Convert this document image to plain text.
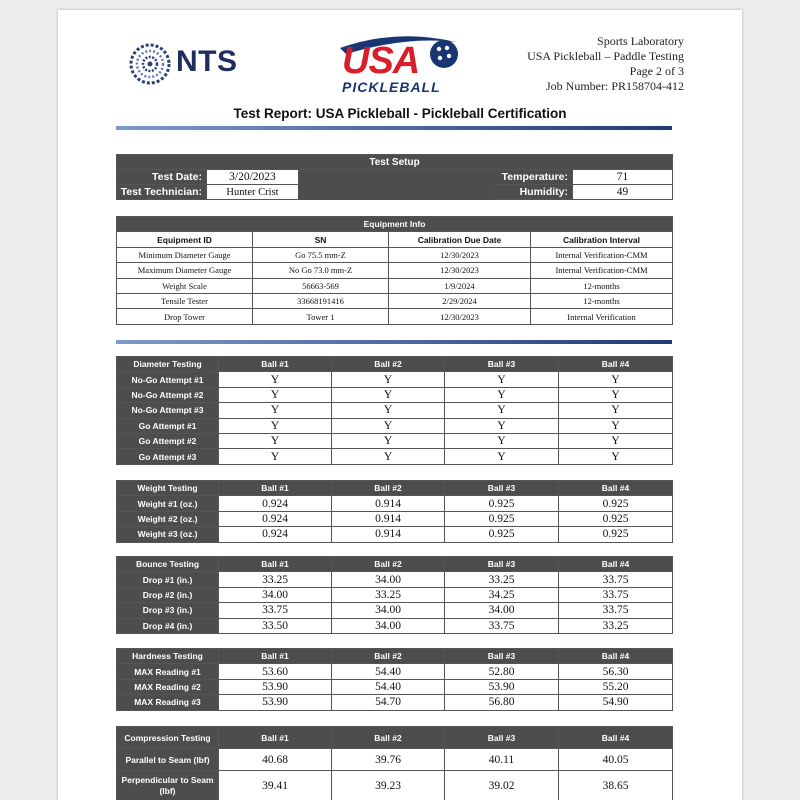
NTS	USA
PICKLEBALL
Sports Laboratory
USA Pickleball – Paddle Testing
Page 2 of 3
Job Number: PR158704-412
Test Report: USA Pickleball - Pickleball Certification
Test Setup				
Test Date:	3/20/2023		Temperature:	71
Test Technician:	Hunter Crist		Humidity:	49
Equipment Info			
Equipment ID	SN	Calibration Due Date	Calibration Interval
Minimum Diameter Gauge	Go 75.5 mm-Z	12/30/2023	Internal Verification-CMM
Maximum Diameter Gauge	No Go 73.0 mm-Z	12/30/2023	Internal Verification-CMM
Weight Scale	56663-569	1/9/2024	12-months
Tensile Tester	33668191416	2/29/2024	12-months
Drop Tower	Tower 1	12/30/2023	Internal Verification
Diameter Testing	Ball #1	Ball #2	Ball #3	Ball #4
No-Go Attempt #1	Y	Y	Y	Y
No-Go Attempt #2	Y	Y	Y	Y
No-Go Attempt #3	Y	Y	Y	Y
Go Attempt #1	Y	Y	Y	Y
Go Attempt #2	Y	Y	Y	Y
Go Attempt #3	Y	Y	Y	Y
Weight Testing	Ball #1	Ball #2	Ball #3	Ball #4
Weight #1 (oz.)	0.924	0.914	0.925	0.925
Weight #2 (oz.)	0.924	0.914	0.925	0.925
Weight #3 (oz.)	0.924	0.914	0.925	0.925
Bounce Testing	Ball #1	Ball #2	Ball #3	Ball #4
Drop #1 (in.)	33.25	34.00	33.25	33.75
Drop #2 (in.)	34.00	33.25	34.25	33.75
Drop #3 (in.)	33.75	34.00	34.00	33.75
Drop #4 (in.)	33.50	34.00	33.75	33.25
Hardness Testing	Ball #1	Ball #2	Ball #3	Ball #4
MAX Reading #1	53.60	54.40	52.80	56.30
MAX Reading #2	53.90	54.40	53.90	55.20
MAX Reading #3	53.90	54.70	56.80	54.90
Compression Testing	Ball #1	Ball #2	Ball #3	Ball #4
Parallel to Seam (lbf)	40.68	39.76	40.11	40.05
Perpendicular to Seam (lbf)	39.41	39.23	39.02	38.65
